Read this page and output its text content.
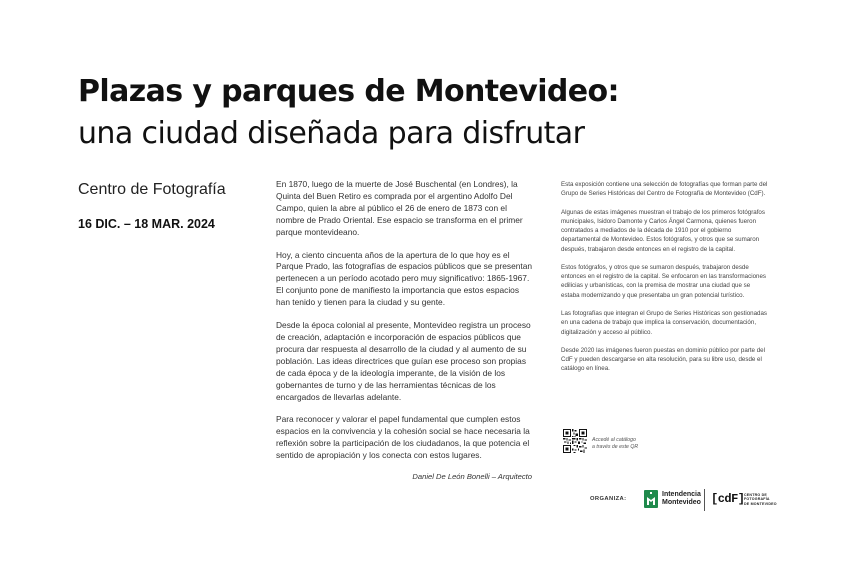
Plazas y parques de Montevideo:
una ciudad diseñada para disfrutar
Centro de Fotografía
16 DIC. – 18 MAR. 2024

En 1870, luego de la muerte de José Buschental (en Londres), la Quinta del Buen Retiro es comprada por el argentino Adolfo Del Campo, quien la abre al público el 26 de enero de 1873 con el nombre de Prado Oriental. Ese espacio se transforma en el primer parque montevideano.

Hoy, a ciento cincuenta años de la apertura de lo que hoy es el Parque Prado, las fotografías de espacios públicos que se presentan pertenecen a un período acotado pero muy significativo: 1865-1967. El conjunto pone de manifiesto la importancia que estos espacios han tenido y tienen para la ciudad y su gente.

Desde la época colonial al presente, Montevideo registra un proceso de creación, adaptación e incorporación de espacios públicos que procura dar respuesta al desarrollo de la ciudad y al aumento de su población. Las ideas directrices que guían ese proceso son propias de cada época y de la ideología imperante, de la visión de los gobernantes de turno y de las herramientas técnicas de los encargados de llevarlas adelante.

Para reconocer y valorar el papel fundamental que cumplen estos espacios en la convivencia y la cohesión social se hace necesaria la reflexión sobre la participación de los ciudadanos, la que potencia el sentido de apropiación y los conecta con estos lugares.

Daniel De León Bonelli – Arquitecto

Esta exposición contiene una selección de fotografías que forman parte del Grupo de Series Históricas del Centro de Fotografía de Montevideo (CdF).

Algunas de estas imágenes muestran el trabajo de los primeros fotógrafos municipales, Isidoro Damonte y Carlos Ángel Carmona, quienes fueron contratados a mediados de la década de 1910 por el gobierno departamental de Montevideo. Estos fotógrafos, y otros que se sumaron después, trabajaron desde entonces en el registro de la capital.

Estos fotógrafos, y otros que se sumaron después, trabajaron desde entonces en el registro de la capital. Se enfocaron en las transformaciones edilicias y urbanísticas, con la premisa de mostrar una ciudad que se estaba modernizando y que presentaba un gran potencial turístico.

Las fotografías que integran el Grupo de Series Históricas son gestionadas en una cadena de trabajo que implica la conservación, documentación, digitalización y acceso al público.

Desde 2020 las imágenes fueron puestas en dominio público por parte del CdF y pueden descargarse en alta resolución, para su libre uso, desde el catálogo en línea.

Accedé al catálogo
a través de este QR
ORGANIZA:
Intendencia
Montevideo [cdF] CENTRO DE
FOTOGRAFÍA
DE MONTEVIDEO
